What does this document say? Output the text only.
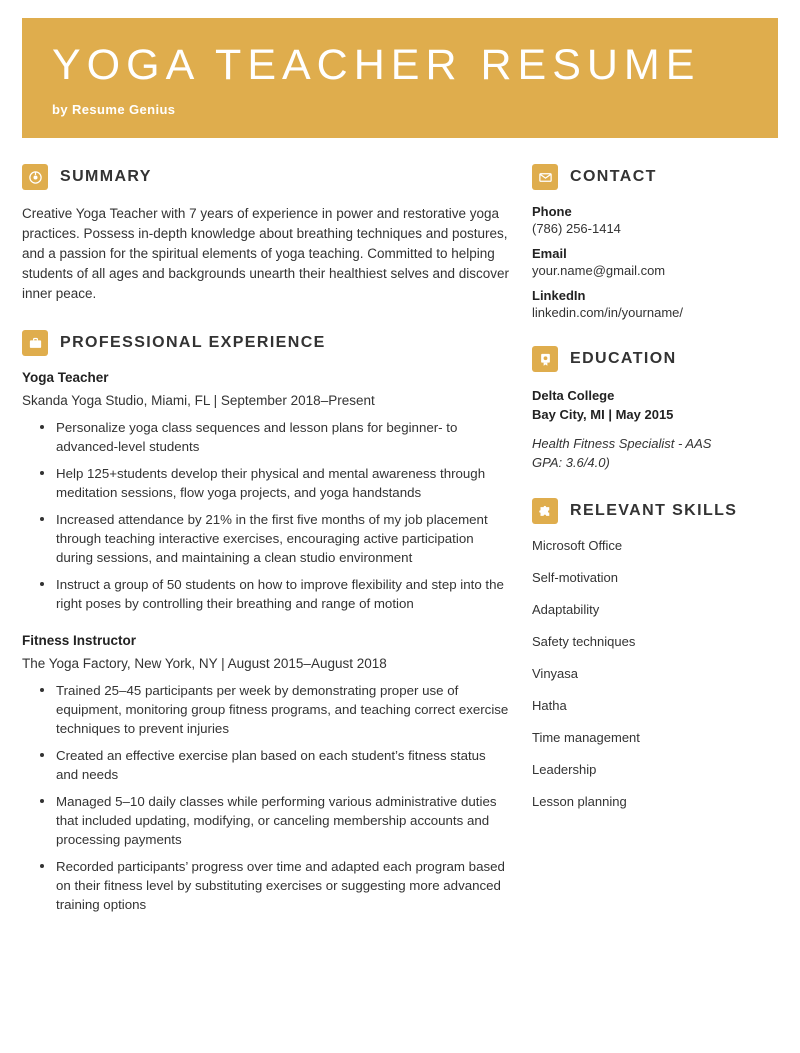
YOGA TEACHER RESUME
by Resume Genius
SUMMARY

Creative Yoga Teacher with 7 years of experience in power and restorative yoga practices. Possess in-depth knowledge about breathing techniques and postures, and a passion for the spiritual elements of yoga teaching. Committed to helping students of all ages and backgrounds unearth their healthiest selves and discover inner peace.

PROFESSIONAL EXPERIENCE
Yoga Teacher
Skanda Yoga Studio, Miami, FL | September 2018–Present
Personalize yoga class sequences and lesson plans for beginner- to advanced-level students
Help 125+students develop their physical and mental awareness through meditation sessions, flow yoga projects, and yoga handstands
Increased attendance by 21% in the first five months of my job placement through teaching interactive exercises, encouraging active participation during sessions, and maintaining a clean studio environment
Instruct a group of 50 students on how to improve flexibility and step into the right poses by controlling their breathing and range of motion
Fitness Instructor
The Yoga Factory, New York, NY | August 2015–August 2018
Trained 25–45 participants per week by demonstrating proper use of equipment, monitoring group fitness programs, and teaching correct exercise techniques to prevent injuries
Created an effective exercise plan based on each student’s fitness status and needs
Managed 5–10 daily classes while performing various administrative duties that included updating, modifying, or canceling membership accounts and processing payments
Recorded participants’ progress over time and adapted each program based on their fitness level by substituting exercises or suggesting more advanced training options
CONTACT
Phone
(786) 256-1414
Email
your.name@gmail.com
LinkedIn
linkedin.com/in/yourname/
EDUCATION
Delta College
Bay City, MI | May 2015
Health Fitness Specialist - AAS
GPA: 3.6/4.0)
RELEVANT SKILLS
Microsoft Office
Self-motivation
Adaptability
Safety techniques
Vinyasa
Hatha
Time management
Leadership
Lesson planning
